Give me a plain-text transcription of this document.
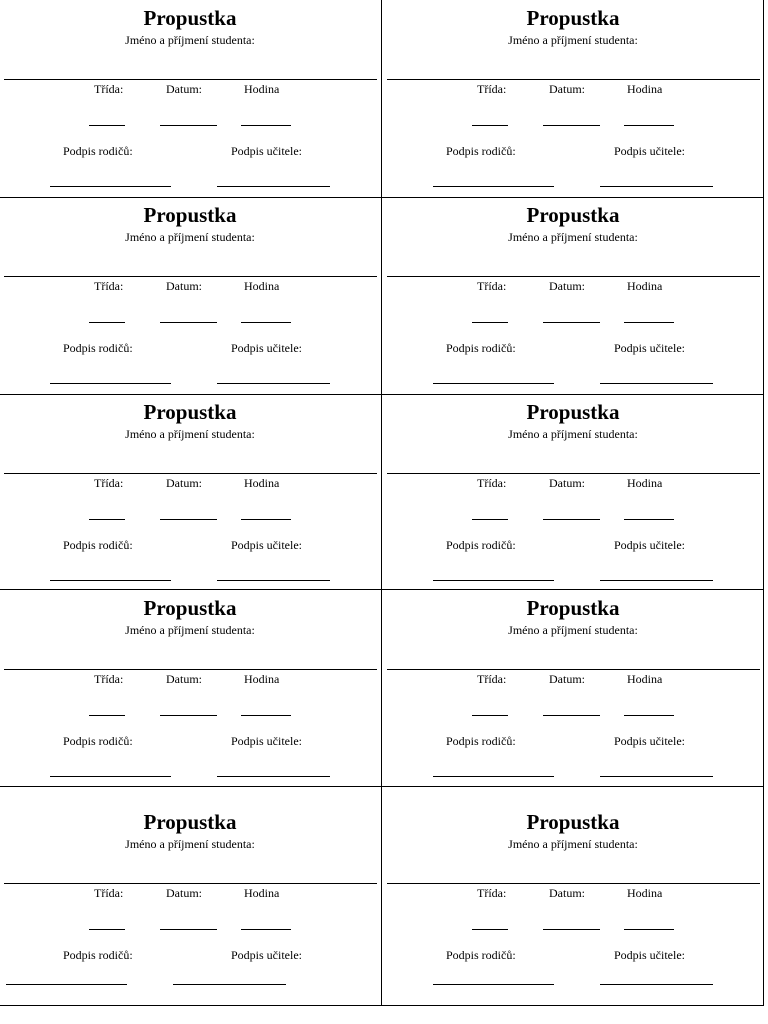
Propustka
Jméno a příjmení studenta:
Třída:	Datum:	Hodina
Podpis rodičů:	Podpis učitele:
Propustka
Jméno a příjmení studenta:
Třída:	Datum:	Hodina
Podpis rodičů:	Podpis učitele:
Propustka
Jméno a příjmení studenta:
Třída:	Datum:	Hodina
Podpis rodičů:	Podpis učitele:
Propustka
Jméno a příjmení studenta:
Třída:	Datum:	Hodina
Podpis rodičů:	Podpis učitele:
Propustka
Jméno a příjmení studenta:
Třída:	Datum:	Hodina
Podpis rodičů:	Podpis učitele:
Propustka
Jméno a příjmení studenta:
Třída:	Datum:	Hodina
Podpis rodičů:	Podpis učitele:
Propustka
Jméno a příjmení studenta:
Třída:	Datum:	Hodina
Podpis rodičů:	Podpis učitele:
Propustka
Jméno a příjmení studenta:
Třída:	Datum:	Hodina
Podpis rodičů:	Podpis učitele:
Propustka
Jméno a příjmení studenta:
Třída:	Datum:	Hodina
Podpis rodičů:	Podpis učitele:
Propustka
Jméno a příjmení studenta:
Třída:	Datum:	Hodina
Podpis rodičů:	Podpis učitele:
